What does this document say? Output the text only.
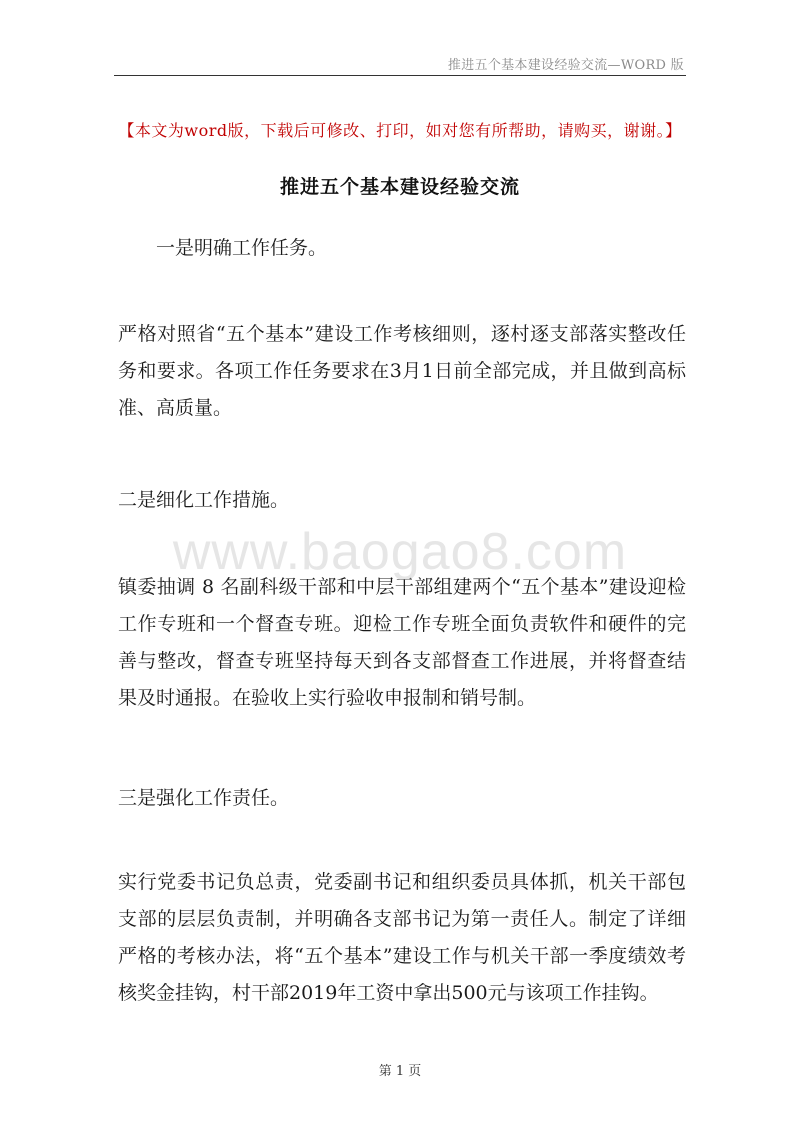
推进五个基本建设经验交流—WORD 版
【本文为word版，下载后可修改、打印，如对您有所帮助，请购买，谢谢。】
推进五个基本建设经验交流
一是明确工作任务。
严格对照省“五个基本”建设工作考核细则，逐村逐支部落实整改任务和要求。各项工作任务要求在3月1日前全部完成，并且做到高标准、高质量。
二是细化工作措施。
镇委抽调 8 名副科级干部和中层干部组建两个“五个基本”建设迎检工作专班和一个督查专班。迎检工作专班全面负责软件和硬件的完善与整改，督查专班坚持每天到各支部督查工作进展，并将督查结果及时通报。在验收上实行验收申报制和销号制。
三是强化工作责任。
实行党委书记负总责，党委副书记和组织委员具体抓，机关干部包支部的层层负责制，并明确各支部书记为第一责任人。制定了详细严格的考核办法，将“五个基本”建设工作与机关干部一季度绩效考核奖金挂钩，村干部2019年工资中拿出500元与该项工作挂钩。
www.baogao8.com
第 1 页
